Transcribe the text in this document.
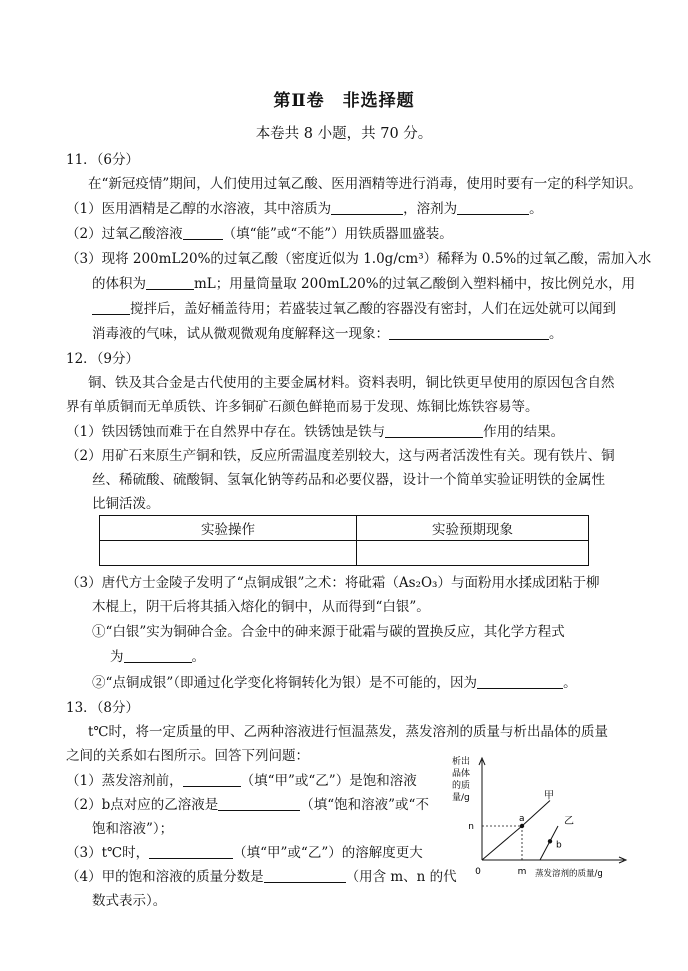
第Ⅱ卷　非选择题
本卷共 8 小题，共 70 分。
11．（6分）
在“新冠疫情”期间，人们使用过氧乙酸、医用酒精等进行消毒，使用时要有一定的科学知识。
（1）医用酒精是乙醇的水溶液，其中溶质为	，溶剂为	。
（2）过氧乙酸溶液	（填“能”或“不能”）用铁质器皿盛装。
（3）现将 200mL20%的过氧乙酸（密度近似为 1.0g/cm³）稀释为 0.5%的过氧乙酸，需加入水
的体积为	mL；用量筒量取 200mL20%的过氧乙酸倒入塑料桶中，按比例兑水，用
搅拌后，盖好桶盖待用；若盛装过氧乙酸的容器没有密封，人们在远处就可以闻到
消毒液的气味，试从微观微观角度解释这一现象：	。
12．（9分）
铜、铁及其合金是古代使用的主要金属材料。资料表明，铜比铁更早使用的原因包含自然
界有单质铜而无单质铁、许多铜矿石颜色鲜艳而易于发现、炼铜比炼铁容易等。
（1）铁因锈蚀而难于在自然界中存在。铁锈蚀是铁与	作用的结果。
（2）用矿石来原生产铜和铁，反应所需温度差别较大，这与两者活泼性有关。现有铁片、铜
丝、稀硫酸、硫酸铜、氢氧化钠等药品和必要仪器，设计一个简单实验证明铁的金属性
比铜活泼。
实验操作	实验预期现象

（3）唐代方士金陵子发明了“点铜成银”之术：将砒霜（As₂O₃）与面粉用水揉成团粘于柳
木棍上，阴干后将其插入熔化的铜中，从而得到“白银”。
①“白银”实为铜砷合金。合金中的砷来源于砒霜与碳的置换反应，其化学方程式
为	。
②“点铜成银”（即通过化学变化将铜转化为银）是不可能的，因为	。
13．（8分）
t℃时，将一定质量的甲、乙两种溶液进行恒温蒸发，蒸发溶剂的质量与析出晶体的质量
之间的关系如右图所示。回答下列问题：
（1）蒸发溶剂前，	（填“甲”或“乙”）是饱和溶液
（2）b点对应的乙溶液是	（填“饱和溶液”或“不
饱和溶液”）；
（3）t℃时，	（填“甲”或“乙”）的溶解度更大
（4）甲的饱和溶液的质量分数是	（用含 m、n 的代
数式表示）。
析出
晶体
的质
量/g
0
n
m 蒸发溶剂的质量/g
甲
a	乙
b
